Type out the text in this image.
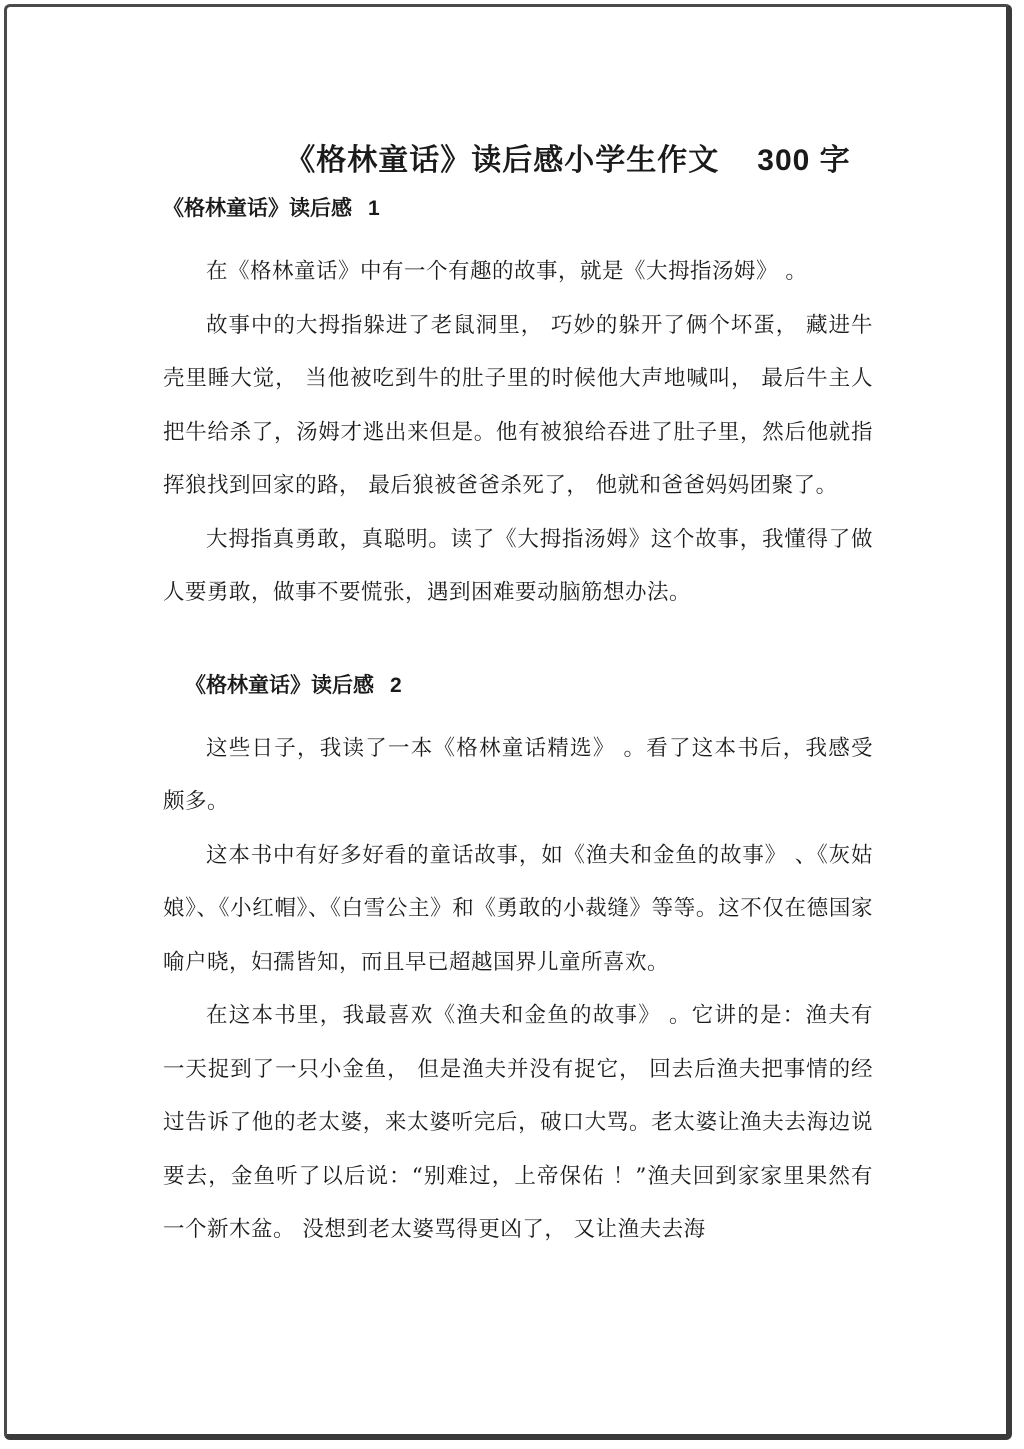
《格林童话》读后感小学生作文 300 字
《格林童话》读后感 1

在《格林童话》中有一个有趣的故事，就是《大拇指汤姆》 。

故事中的大拇指躲进了老鼠洞里， 巧妙的躲开了俩个坏蛋， 藏进牛壳里睡大觉， 当他被吃到牛的肚子里的时候他大声地喊叫， 最后牛主人把牛给杀了，汤姆才逃出来但是。他有被狼给吞进了肚子里，然后他就指挥狼找到回家的路， 最后狼被爸爸杀死了， 他就和爸爸妈妈团聚了。

大拇指真勇敢，真聪明。读了《大拇指汤姆》这个故事，我懂得了做人要勇敢，做事不要慌张，遇到困难要动脑筋想办法。

《格林童话》读后感 2

这些日子，我读了一本《格林童话精选》 。看了这本书后，我感受颇多。

这本书中有好多好看的童话故事，如《渔夫和金鱼的故事》 、《灰姑娘》、《小红帽》、《白雪公主》和《勇敢的小裁缝》等等。这不仅在德国家喻户晓，妇孺皆知，而且早已超越国界儿童所喜欢。

在这本书里，我最喜欢《渔夫和金鱼的故事》 。它讲的是：渔夫有一天捉到了一只小金鱼， 但是渔夫并没有捉它， 回去后渔夫把事情的经过告诉了他的老太婆，来太婆听完后，破口大骂。老太婆让渔夫去海边说要去，金鱼听了以后说：“别难过，上帝保佑 ！”渔夫回到家家里果然有一个新木盆。 没想到老太婆骂得更凶了， 又让渔夫去海
